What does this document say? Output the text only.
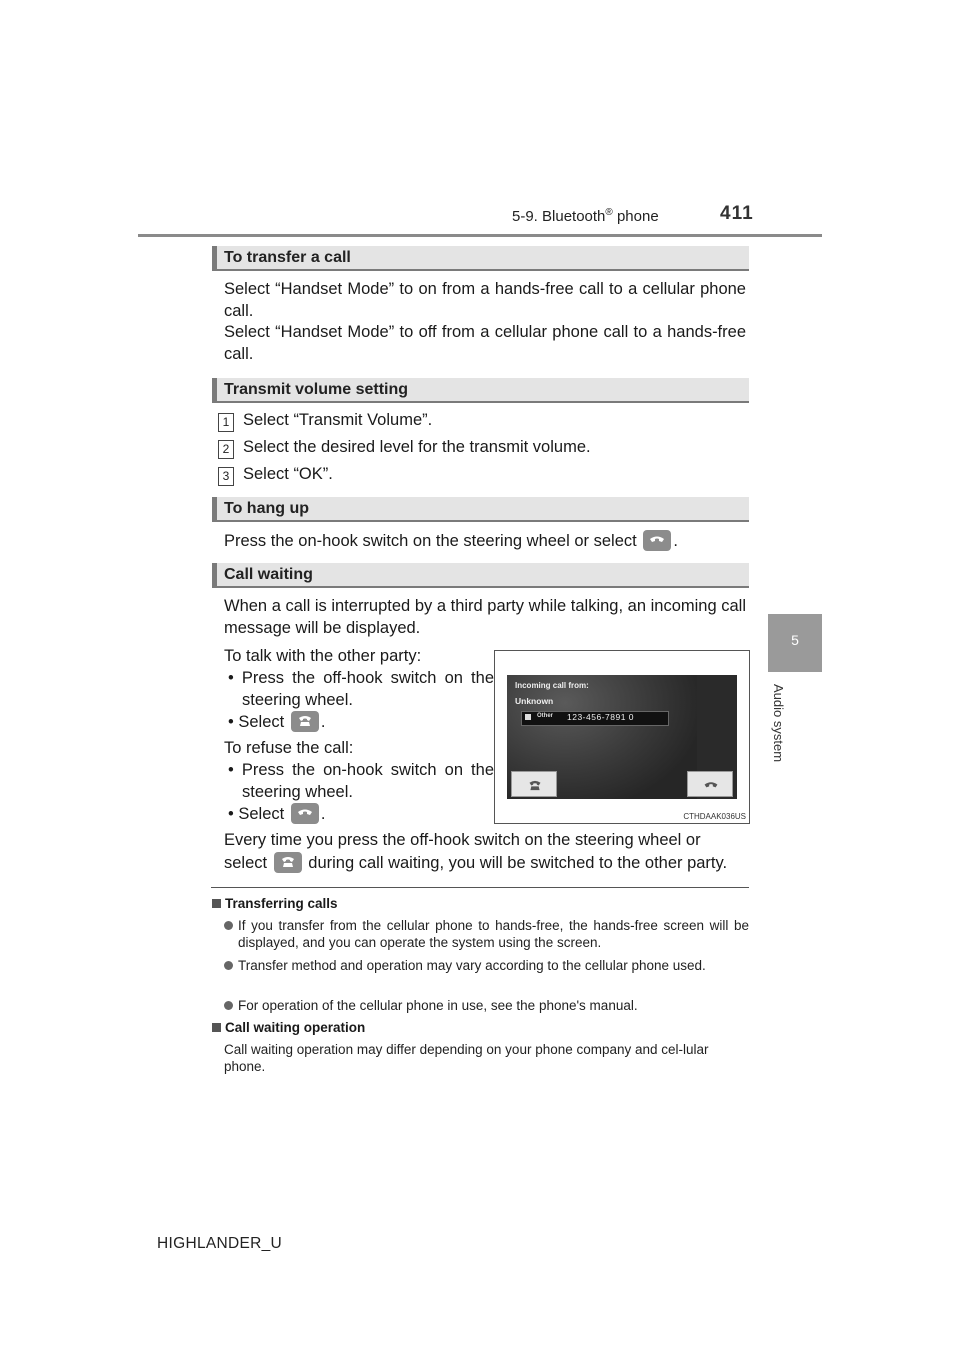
5-9. Bluetooth® phone	411
5
Audio system
To transfer a call
Select “Handset Mode” to on from a hands-free call to a cellular phone call.
Select “Handset Mode” to off from a cellular phone call to a hands-free call.
Transmit volume setting
1 Select “Transmit Volume”.
2 Select the desired level for the transmit volume.
3 Select “OK”.
To hang up
Press the on-hook switch on the steering wheel or select .
Call waiting
When a call is interrupted by a third party while talking, an incoming call message will be displayed.
To talk with the other party:
• Press the off-hook switch on the steering wheel.
• Select .
To refuse the call:
• Press the on-hook switch on the steering wheel.
• Select .
Every time you press the off-hook switch on the steering wheel or
select during call waiting, you will be switched to the other party.
Incoming call from:
Unknown
Other 123-456-7891 0
CTHDAAK036US
Transferring calls
If you transfer from the cellular phone to hands-free, the hands-free screen will be displayed, and you can operate the system using the screen.
Transfer method and operation may vary according to the cellular phone used.
For operation of the cellular phone in use, see the phone's manual.
Call waiting operation
Call waiting operation may differ depending on your phone company and cel-lular phone.
HIGHLANDER_U
